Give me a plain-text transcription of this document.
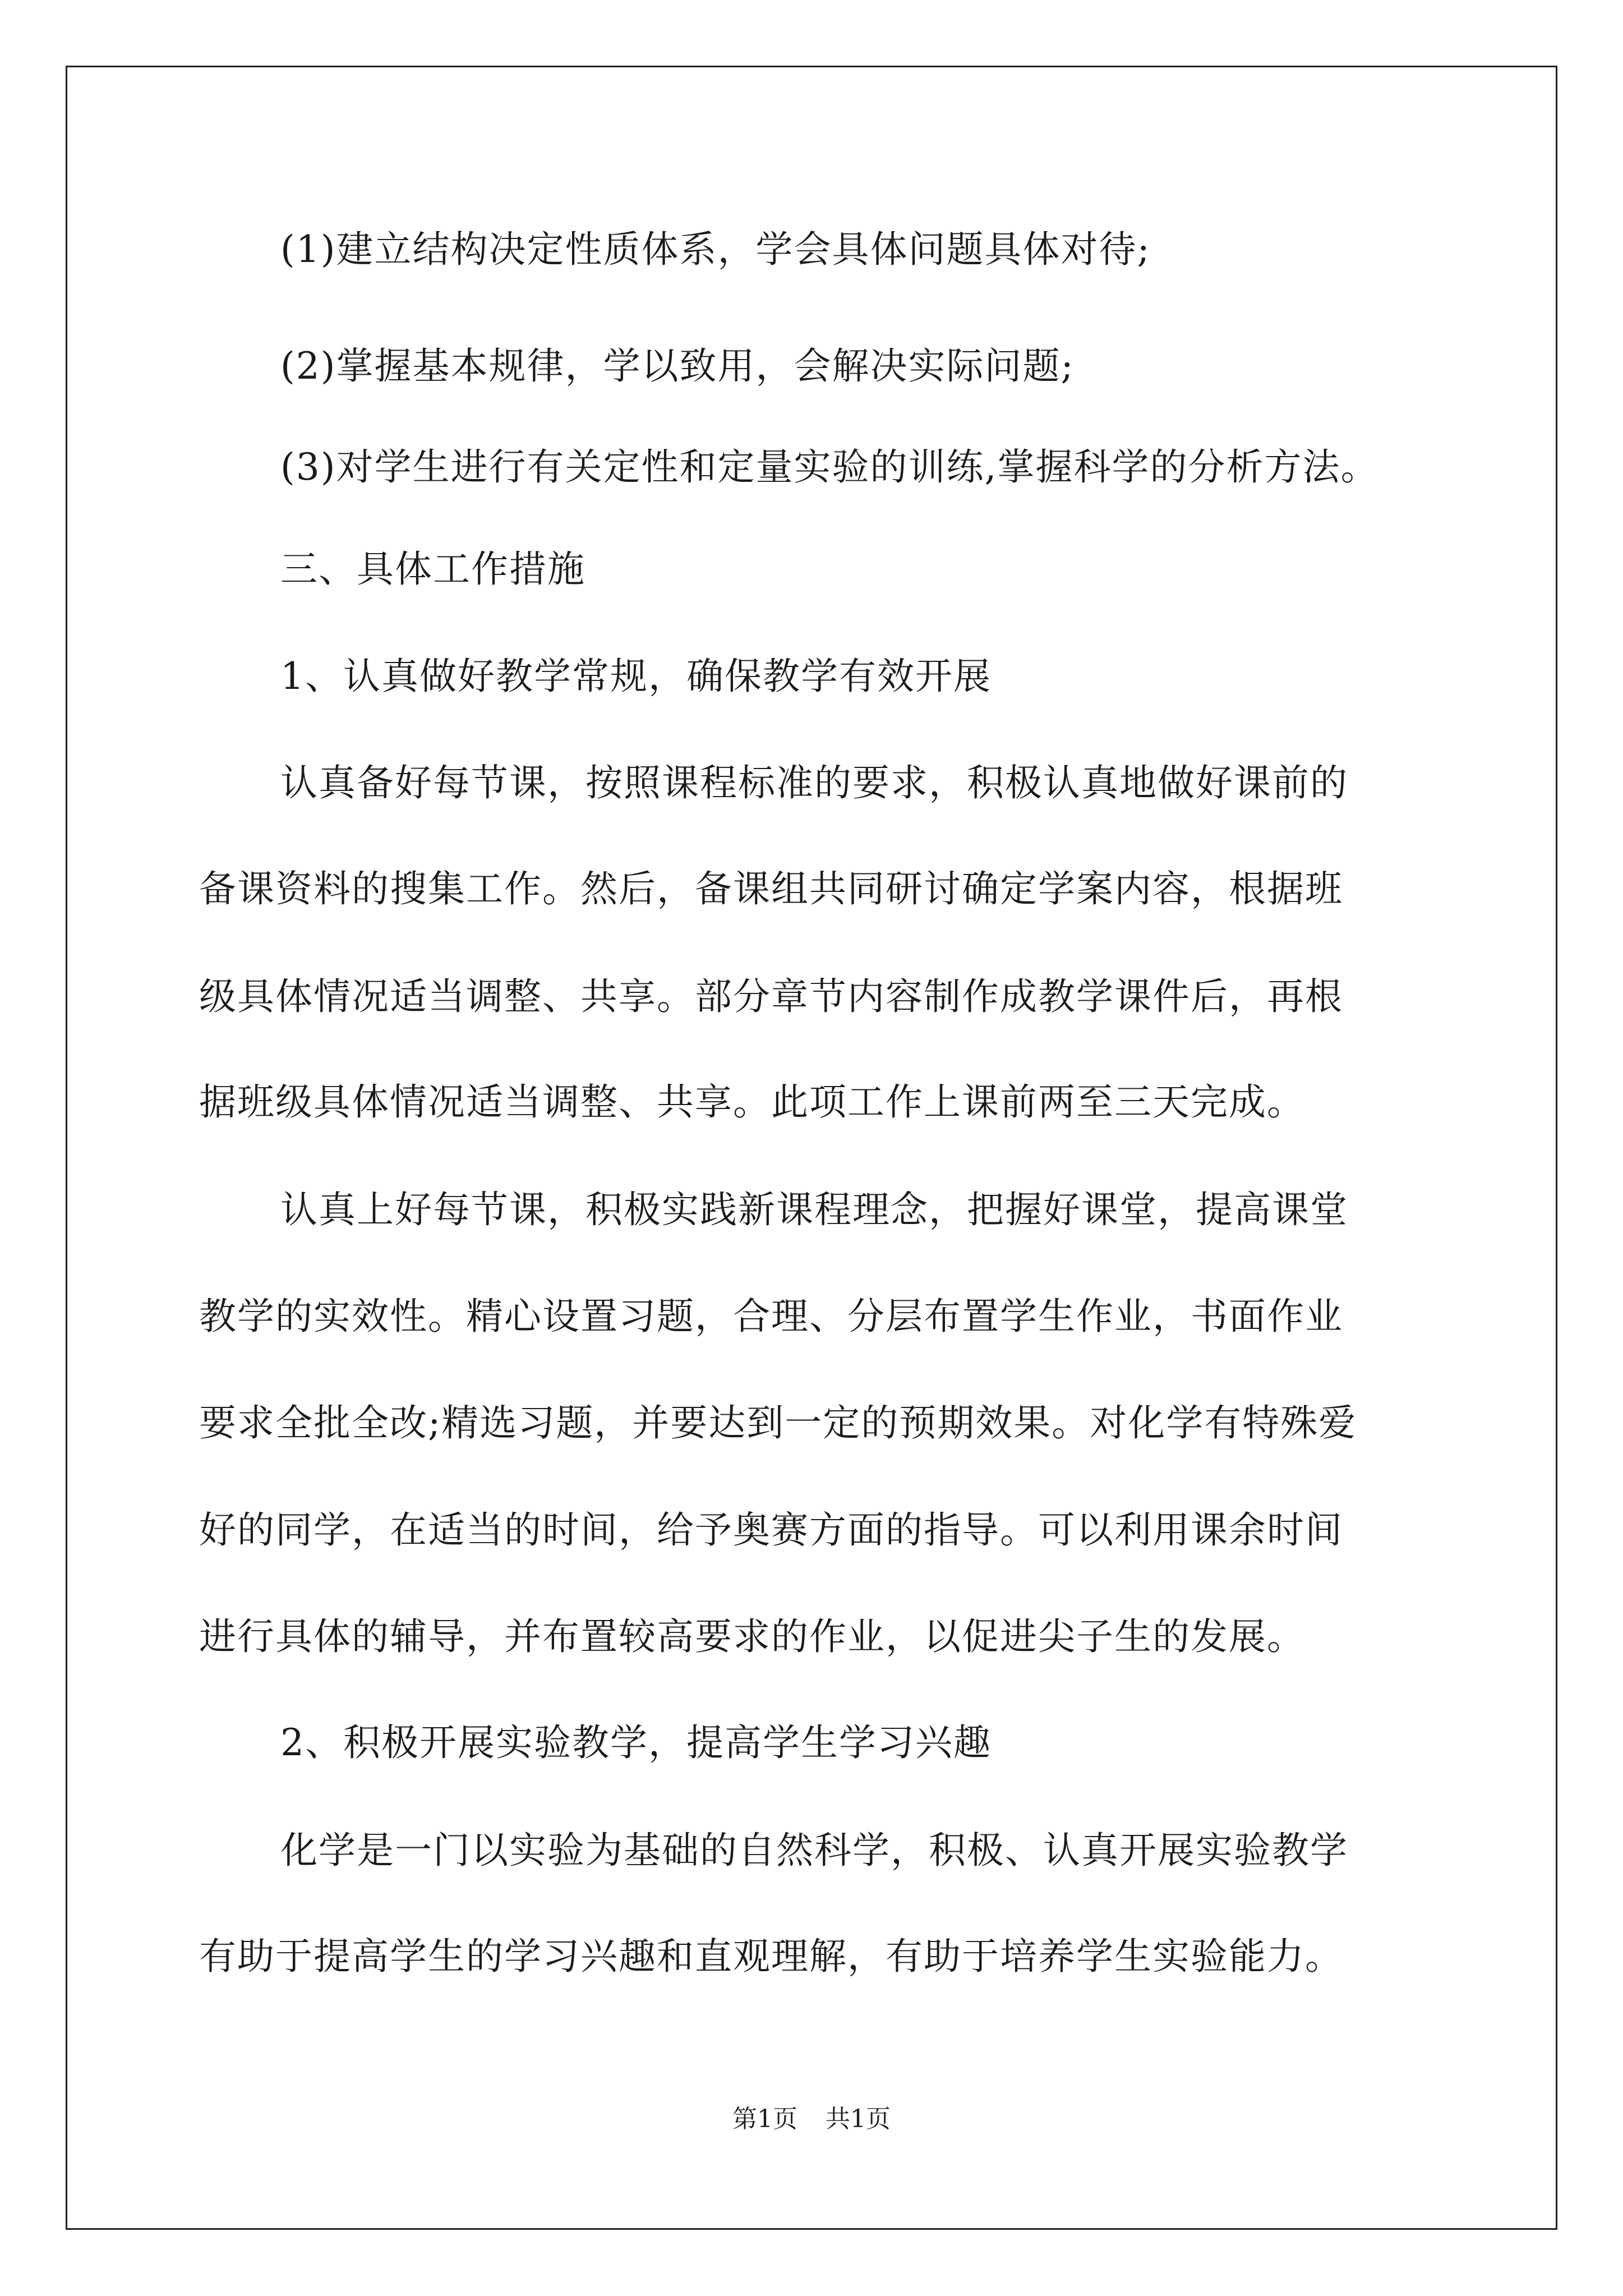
(1)建立结构决定性质体系，学会具体问题具体对待;
(2)掌握基本规律，学以致用，会解决实际问题;
(3)对学生进行有关定性和定量实验的训练,掌握科学的分析方法。
三、具体工作措施
1、认真做好教学常规，确保教学有效开展
认真备好每节课，按照课程标准的要求，积极认真地做好课前的
备课资料的搜集工作。然后，备课组共同研讨确定学案内容，根据班
级具体情况适当调整、共享。部分章节内容制作成教学课件后，再根
据班级具体情况适当调整、共享。此项工作上课前两至三天完成。
认真上好每节课，积极实践新课程理念，把握好课堂，提高课堂
教学的实效性。精心设置习题，合理、分层布置学生作业，书面作业
要求全批全改;精选习题，并要达到一定的预期效果。对化学有特殊爱
好的同学，在适当的时间，给予奥赛方面的指导。可以利用课余时间
进行具体的辅导，并布置较高要求的作业，以促进尖子生的发展。
2、积极开展实验教学，提高学生学习兴趣
化学是一门以实验为基础的自然科学，积极、认真开展实验教学
有助于提高学生的学习兴趣和直观理解，有助于培养学生实验能力。
第1页 共1页
